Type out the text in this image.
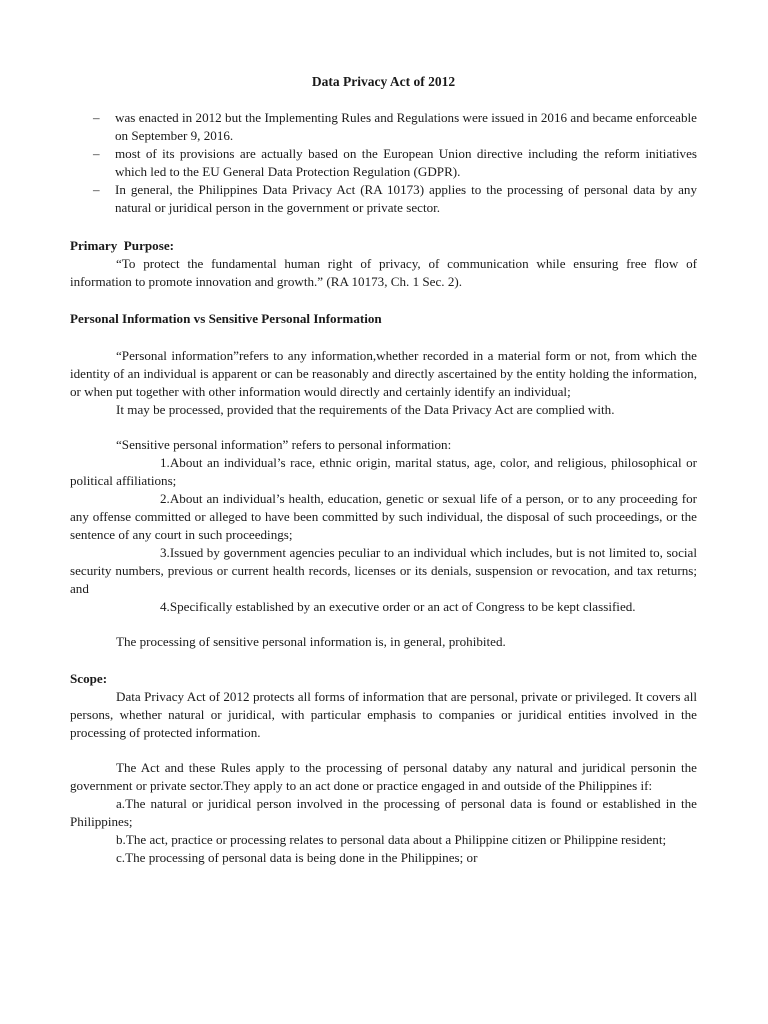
Data Privacy Act of 2012
–	was enacted in 2012 but the Implementing Rules and Regulations were issued in 2016 and became enforceable on September 9, 2016.
–	most of its provisions are actually based on the European Union directive including the reform initiatives which led to the EU General Data Protection Regulation (GDPR).
–	In general, the Philippines Data Privacy Act (RA 10173) applies to the processing of personal data by any natural or juridical person in the government or private sector.
Primary  Purpose:

“To protect the fundamental human right of privacy, of communication while ensuring free flow of information to promote innovation and growth.” (RA 10173, Ch. 1 Sec. 2).

Personal Information vs Sensitive Personal Information

“Personal information”refers to any information,whether recorded in a material form or not, from which the identity of an individual is apparent or can be reasonably and directly ascertained by the entity holding the information, or when put together with other information would directly and certainly identify an individual;

It may be processed, provided that the requirements of the Data Privacy Act are complied with.

“Sensitive personal information” refers to personal information:

1.About an individual’s race, ethnic origin, marital status, age, color, and religious, philosophical or political affiliations;

2.About an individual’s health, education, genetic or sexual life of a person, or to any proceeding for any offense committed or alleged to have been committed by such individual, the disposal of such proceedings, or the sentence of any court in such proceedings;

3.Issued by government agencies peculiar to an individual which includes, but is not limited to, social security numbers, previous or current health records, licenses or its denials, suspension or revocation, and tax returns; and

4.Specifically established by an executive order or an act of Congress to be kept classified.

The processing of sensitive personal information is, in general, prohibited.

Scope:

Data Privacy Act of 2012 protects all forms of information that are personal, private or privileged. It covers all persons, whether natural or juridical, with particular emphasis to companies or juridical entities involved in the processing of protected information.

The Act and these Rules apply to the processing of personal databy any natural and juridical personin the government or private sector.They apply to an act done or practice engaged in and outside of the Philippines if:

a.The natural or juridical person involved in the processing of personal data is found or established in the Philippines;

b.The act, practice or processing relates to personal data about a Philippine citizen or Philippine resident;

c.The processing of personal data is being done in the Philippines; or
